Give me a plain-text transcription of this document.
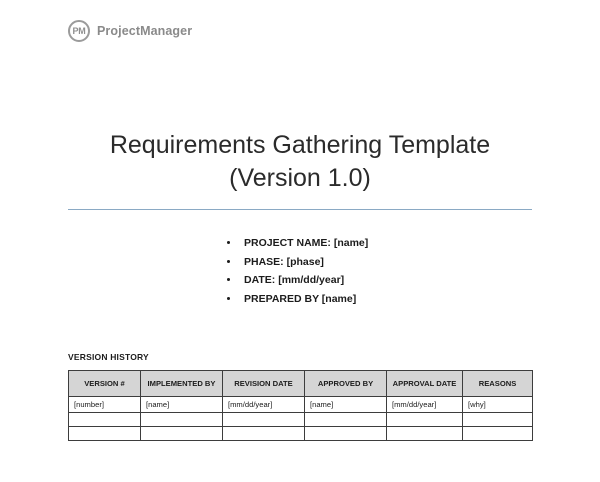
PM ProjectManager
Requirements Gathering Template
(Version 1.0)
• PROJECT NAME: [name]
• PHASE: [phase]
• DATE: [mm/dd/year]
• PREPARED BY [name]
VERSION HISTORY
VERSION #	IMPLEMENTED BY	REVISION DATE	APPROVED BY	APPROVAL DATE	REASONS
[number]	[name]	[mm/dd/year]	[name]	[mm/dd/year]	[why]
